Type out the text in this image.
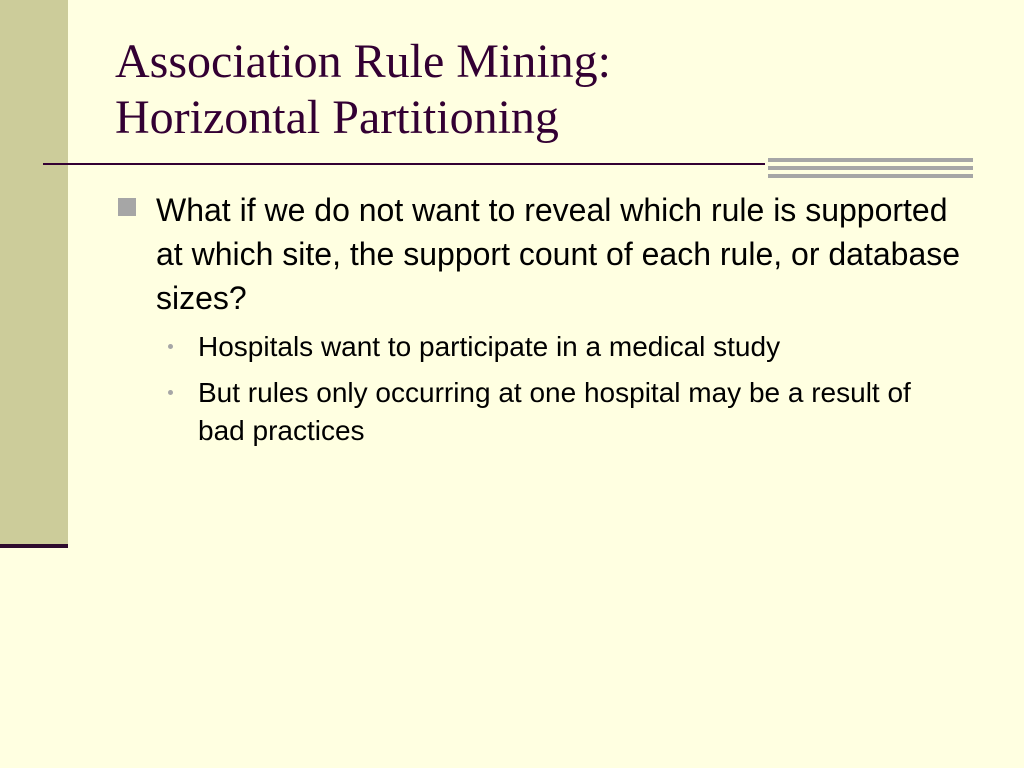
Association Rule Mining:
Horizontal Partitioning
What if we do not want to reveal which rule is supported at which site, the support count of each rule, or database sizes?
Hospitals want to participate in a medical study
But rules only occurring at one hospital may be a result of bad practices
